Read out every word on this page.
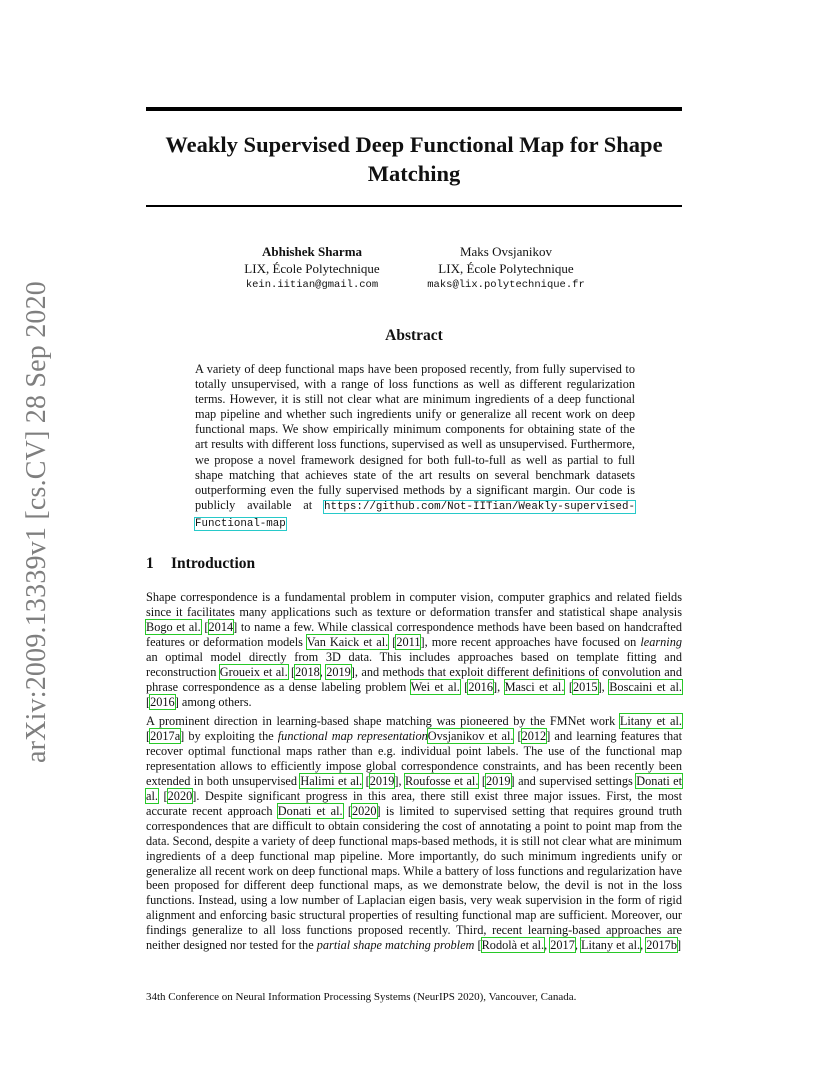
Weakly Supervised Deep Functional Map for Shape Matching
Abhishek Sharma
LIX, École Polytechnique
kein.iitian@gmail.com
Maks Ovsjanikov
LIX, École Polytechnique
maks@lix.polytechnique.fr
Abstract
A variety of deep functional maps have been proposed recently, from fully supervised to totally unsupervised, with a range of loss functions as well as different regularization terms. However, it is still not clear what are minimum ingredients of a deep functional map pipeline and whether such ingredients unify or generalize all recent work on deep functional maps. We show empirically minimum components for obtaining state of the art results with different loss functions, supervised as well as unsupervised. Furthermore, we propose a novel framework designed for both full-to-full as well as partial to full shape matching that achieves state of the art results on several benchmark datasets outperforming even the fully supervised methods by a significant margin. Our code is publicly available at https://github.com/Not-IITian/Weakly-supervised-Functional-map
1 Introduction
Shape correspondence is a fundamental problem in computer vision, computer graphics and related fields since it facilitates many applications such as texture or deformation transfer and statistical shape analysis Bogo et al. [2014] to name a few. While classical correspondence methods have been based on handcrafted features or deformation models Van Kaick et al. [2011], more recent approaches have focused on learning an optimal model directly from 3D data. This includes approaches based on template fitting and reconstruction Groueix et al. [2018, 2019], and methods that exploit different definitions of convolution and phrase correspondence as a dense labeling problem Wei et al. [2016], Masci et al. [2015], Boscaini et al. [2016] among others.
A prominent direction in learning-based shape matching was pioneered by the FMNet work Litany et al. [2017a] by exploiting the functional map representationOvsjanikov et al. [2012] and learning features that recover optimal functional maps rather than e.g. individual point labels. The use of the functional map representation allows to efficiently impose global correspondence constraints, and has been recently been extended in both unsupervised Halimi et al. [2019], Roufosse et al. [2019] and supervised settings Donati et al. [2020]. Despite significant progress in this area, there still exist three major issues. First, the most accurate recent approach Donati et al. [2020] is limited to supervised setting that requires ground truth correspondences that are difficult to obtain considering the cost of annotating a point to point map from the data. Second, despite a variety of deep functional maps-based methods, it is still not clear what are minimum ingredients of a deep functional map pipeline. More importantly, do such minimum ingredients unify or generalize all recent work on deep functional maps. While a battery of loss functions and regularization have been proposed for different deep functional maps, as we demonstrate below, the devil is not in the loss functions. Instead, using a low number of Laplacian eigen basis, very weak supervision in the form of rigid alignment and enforcing basic structural properties of resulting functional map are sufficient. Moreover, our findings generalize to all loss functions proposed recently. Third, recent learning-based approaches are neither designed nor tested for the partial shape matching problem [Rodolà et al., 2017, Litany et al., 2017b]
34th Conference on Neural Information Processing Systems (NeurIPS 2020), Vancouver, Canada.
arXiv:2009.13339v1 [cs.CV] 28 Sep 2020
